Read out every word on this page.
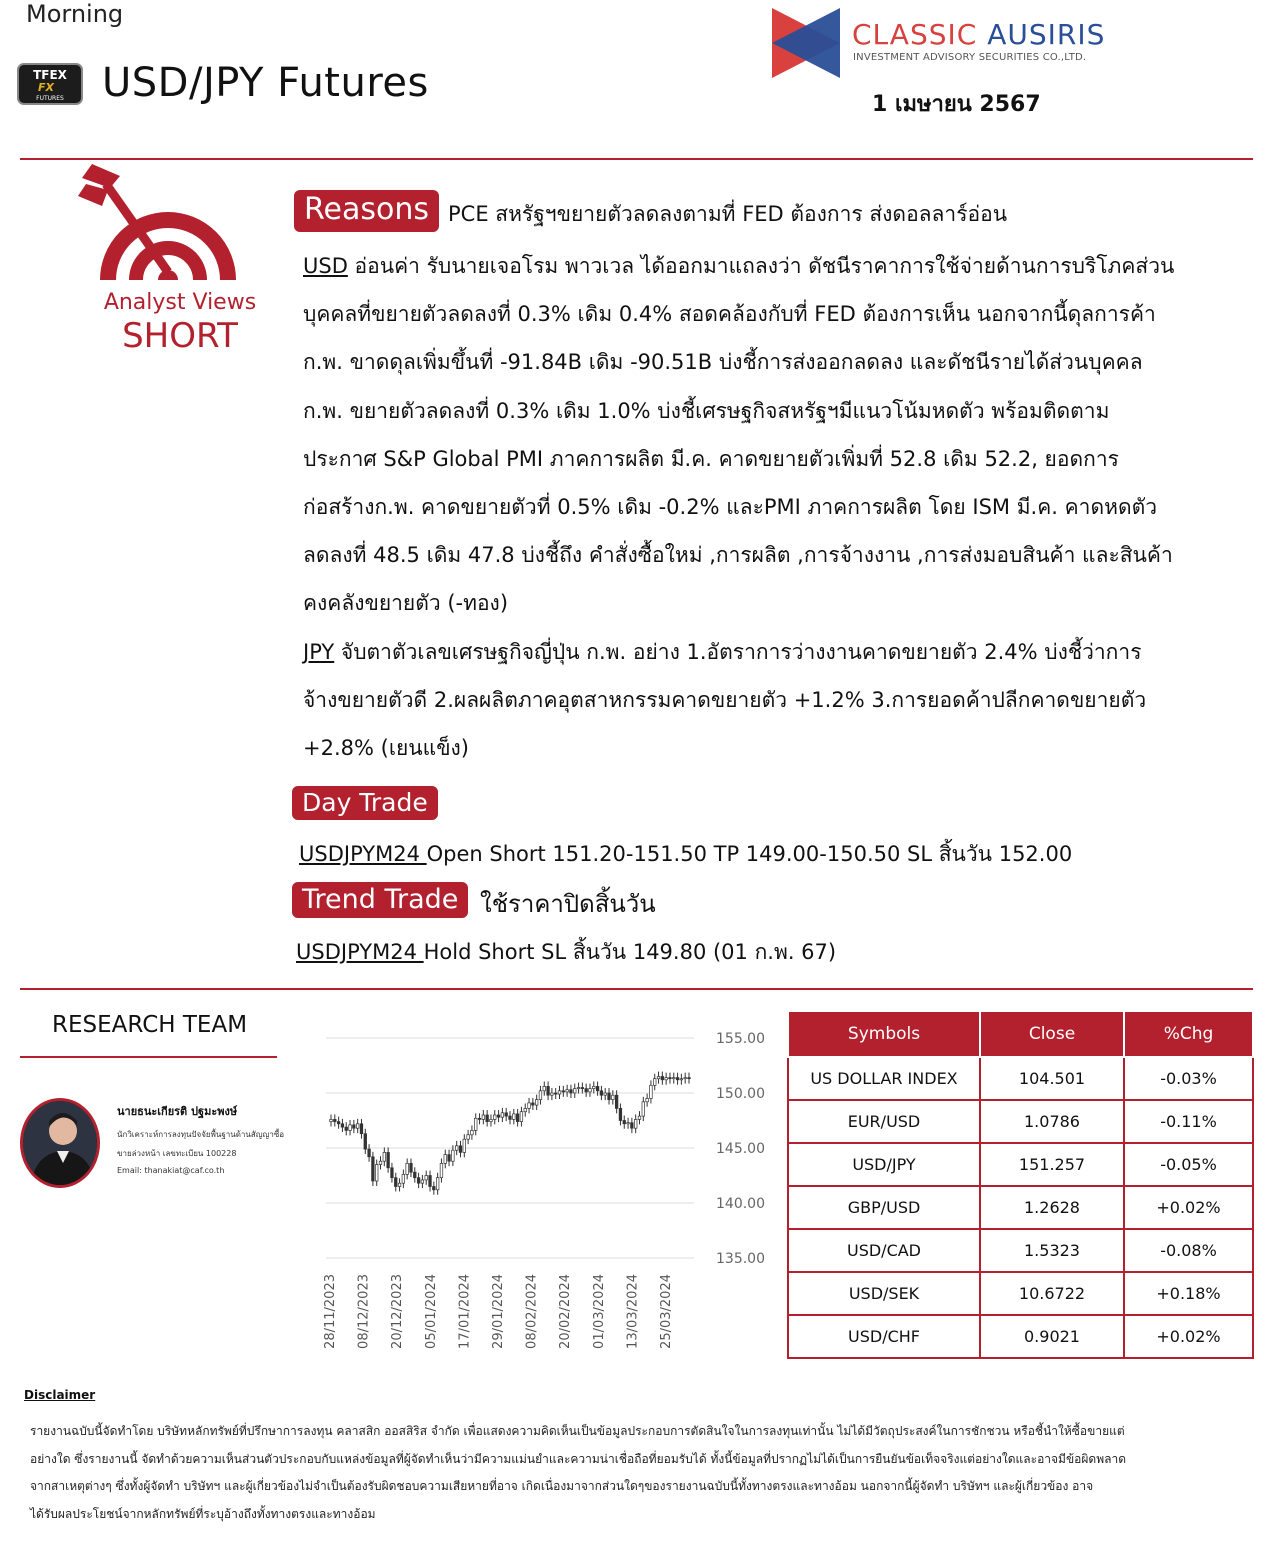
Morning
TFEX
FX
FUTURES USD/JPY Futures
CLASSIC AUSIRIS
INVESTMENT ADVISORY SECURITIES CO.,LTD.
1 เมษายน 2567
Analyst Views
SHORT
Reasons PCE สหรัฐฯขยายตัวลดลงตามที่ FED ต้องการ ส่งดอลลาร์อ่อน

USD อ่อนค่า รับนายเจอโรม พาวเวล ได้ออกมาแถลงว่า ดัชนีราคาการใช้จ่ายด้านการบริโภคส่วน

บุคคลที่ขยายตัวลดลงที่ 0.3% เดิม 0.4% สอดคล้องกับที่ FED ต้องการเห็น นอกจากนี้ดุลการค้า

ก.พ. ขาดดุลเพิ่มขึ้นที่ -91.84B เดิม -90.51B บ่งชี้การส่งออกลดลง และดัชนีรายได้ส่วนบุคคล

ก.พ. ขยายตัวลดลงที่ 0.3% เดิม 1.0% บ่งชี้เศรษฐกิจสหรัฐฯมีแนวโน้มหดตัว พร้อมติดตาม

ประกาศ S&P Global PMI ภาคการผลิต มี.ค. คาดขยายตัวเพิ่มที่ 52.8 เดิม 52.2, ยอดการ

ก่อสร้างก.พ. คาดขยายตัวที่ 0.5% เดิม -0.2% และPMI ภาคการผลิต โดย ISM มี.ค. คาดหดตัว

ลดลงที่ 48.5 เดิม 47.8 บ่งชี้ถึง คำสั่งซื้อใหม่ ,การผลิต ,การจ้างงาน ,การส่งมอบสินค้า และสินค้า

คงคลังขยายตัว (-ทอง)

JPY จับตาตัวเลขเศรษฐกิจญี่ปุ่น ก.พ. อย่าง 1.อัตราการว่างงานคาดขยายตัว 2.4% บ่งชี้ว่าการ

จ้างขยายตัวดี 2.ผลผลิตภาคอุตสาหกรรมคาดขยายตัว +1.2% 3.การยอดค้าปลีกคาดขยายตัว

+2.8% (เยนแข็ง)

Day Trade
USDJPYM24 Open Short 151.20-151.50 TP 149.00-150.50 SL สิ้นวัน 152.00
Trend Trade ใช้ราคาปิดสิ้นวัน
USDJPYM24 Hold Short SL สิ้นวัน 149.80 (01 ก.พ. 67)
RESEARCH TEAM
นายธนะเกียรติ ปฐมะพงษ์
นักวิเคราะห์การลงทุนปัจจัยพื้นฐานด้านสัญญาซื้อ
ขายล่วงหน้า เลขทะเบียน 100228
Email: thanakiat@caf.co.th
155.00
150.00
145.00
140.00
135.00
28/11/2023 08/12/2023 20/12/2023 05/01/2024 17/01/2024 29/01/2024 08/02/2024 20/02/2024 01/03/2024 13/03/2024 25/03/2024
Symbols	Close	%Chg
US DOLLAR INDEX	104.501	-0.03%
EUR/USD	1.0786	-0.11%
USD/JPY	151.257	-0.05%
GBP/USD	1.2628	+0.02%
USD/CAD	1.5323	-0.08%
USD/SEK	10.6722	+0.18%
USD/CHF	0.9021	+0.02%
Disclaimer

รายงานฉบับนี้จัดทำโดย บริษัทหลักทรัพย์ที่ปรึกษาการลงทุน คลาสสิก ออสสิริส จำกัด เพื่อแสดงความคิดเห็นเป็นข้อมูลประกอบการตัดสินใจในการลงทุนเท่านั้น ไม่ได้มีวัตถุประสงค์ในการชักชวน หรือชี้นำให้ซื้อขายแต่

อย่างใด ซึ่งรายงานนี้ จัดทำด้วยความเห็นส่วนตัวประกอบกับแหล่งข้อมูลที่ผู้จัดทำเห็นว่ามีความแม่นยำและความน่าเชื่อถือที่ยอมรับได้ ทั้งนี้ข้อมูลที่ปรากฏไม่ได้เป็นการยืนยันข้อเท็จจริงแต่อย่างใดและอาจมีข้อผิดพลาด

จากสาเหตุต่างๆ ซึ่งทั้งผู้จัดทำ บริษัทฯ และผู้เกี่ยวข้องไม่จำเป็นต้องรับผิดชอบความเสียหายที่อาจ เกิดเนื่องมาจากส่วนใดๆของรายงานฉบับนี้ทั้งทางตรงและทางอ้อม นอกจากนี้ผู้จัดทำ บริษัทฯ และผู้เกี่ยวข้อง อาจ

ได้รับผลประโยชน์จากหลักทรัพย์ที่ระบุอ้างถึงทั้งทางตรงและทางอ้อม
